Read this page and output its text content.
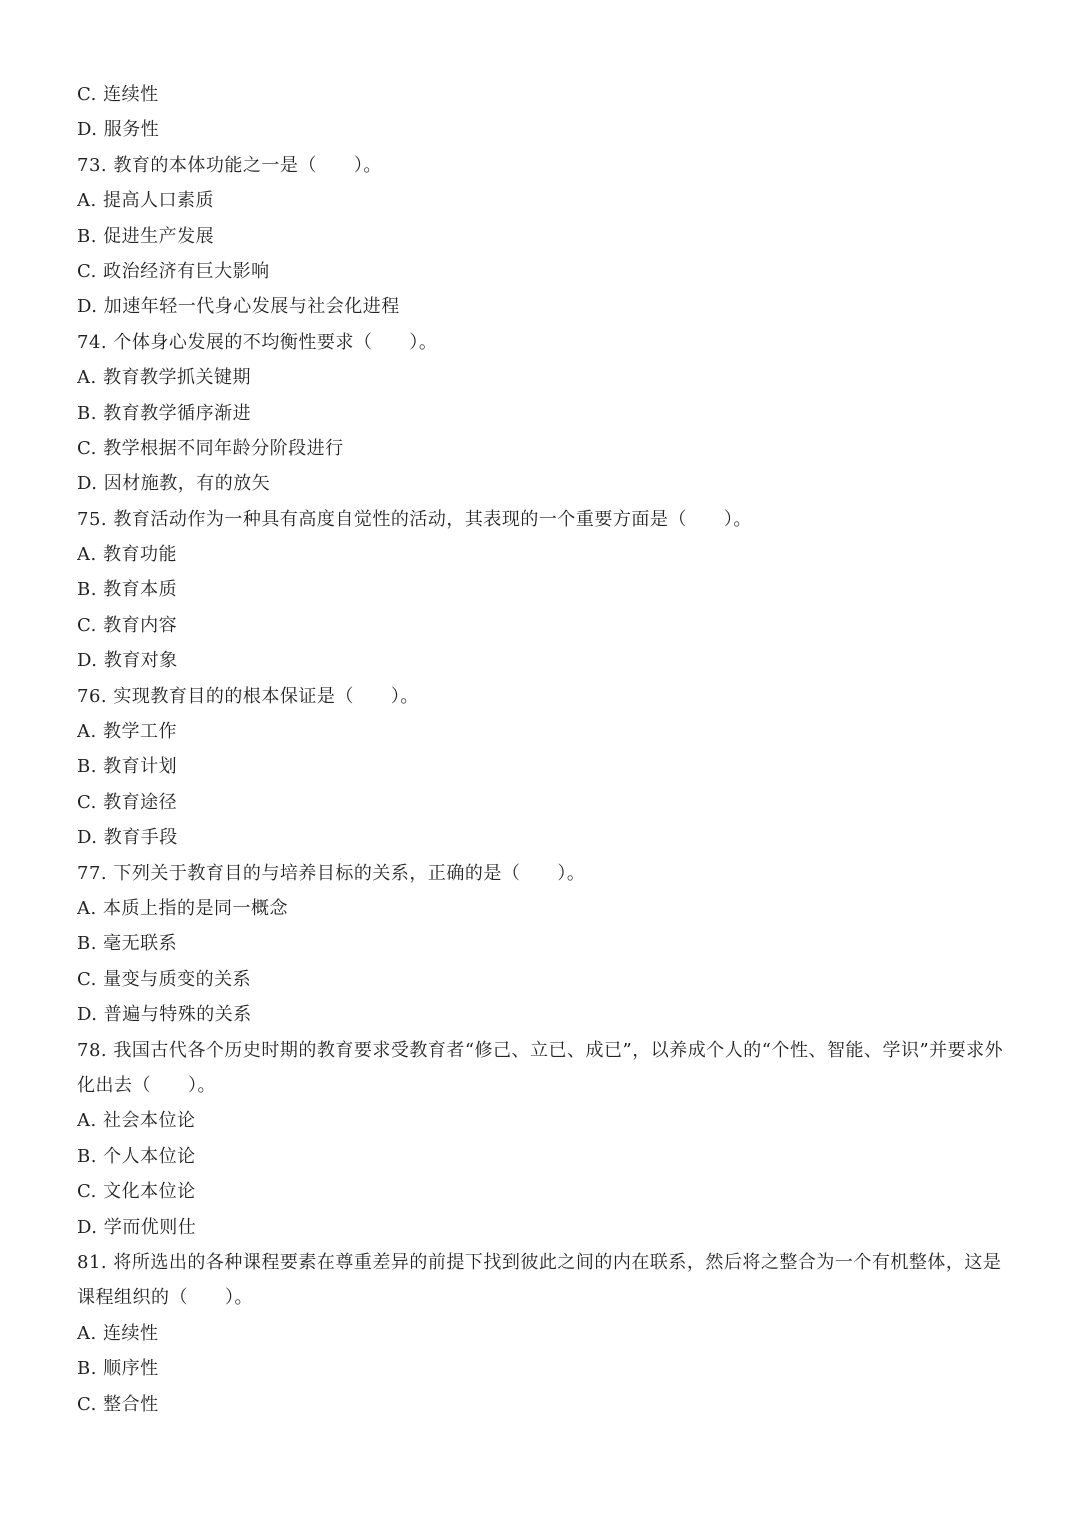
C. 连续性
D. 服务性
73. 教育的本体功能之一是（　　）。
A. 提高人口素质
B. 促进生产发展
C. 政治经济有巨大影响
D. 加速年轻一代身心发展与社会化进程
74. 个体身心发展的不均衡性要求（　　）。
A. 教育教学抓关键期
B. 教育教学循序渐进
C. 教学根据不同年龄分阶段进行
D. 因材施教，有的放矢
75. 教育活动作为一种具有高度自觉性的活动，其表现的一个重要方面是（　　）。
A. 教育功能
B. 教育本质
C. 教育内容
D. 教育对象
76. 实现教育目的的根本保证是（　　）。
A. 教学工作
B. 教育计划
C. 教育途径
D. 教育手段
77. 下列关于教育目的与培养目标的关系，正确的是（　　）。
A. 本质上指的是同一概念
B. 毫无联系
C. 量变与质变的关系
D. 普遍与特殊的关系
78. 我国古代各个历史时期的教育要求受教育者“修己、立已、成已”，以养成个人的“个性、智能、学识”并要求外化出去（　　）。
A. 社会本位论
B. 个人本位论
C. 文化本位论
D. 学而优则仕
81. 将所选出的各种课程要素在尊重差异的前提下找到彼此之间的内在联系，然后将之整合为一个有机整体，这是课程组织的（　　）。
A. 连续性
B. 顺序性
C. 整合性
